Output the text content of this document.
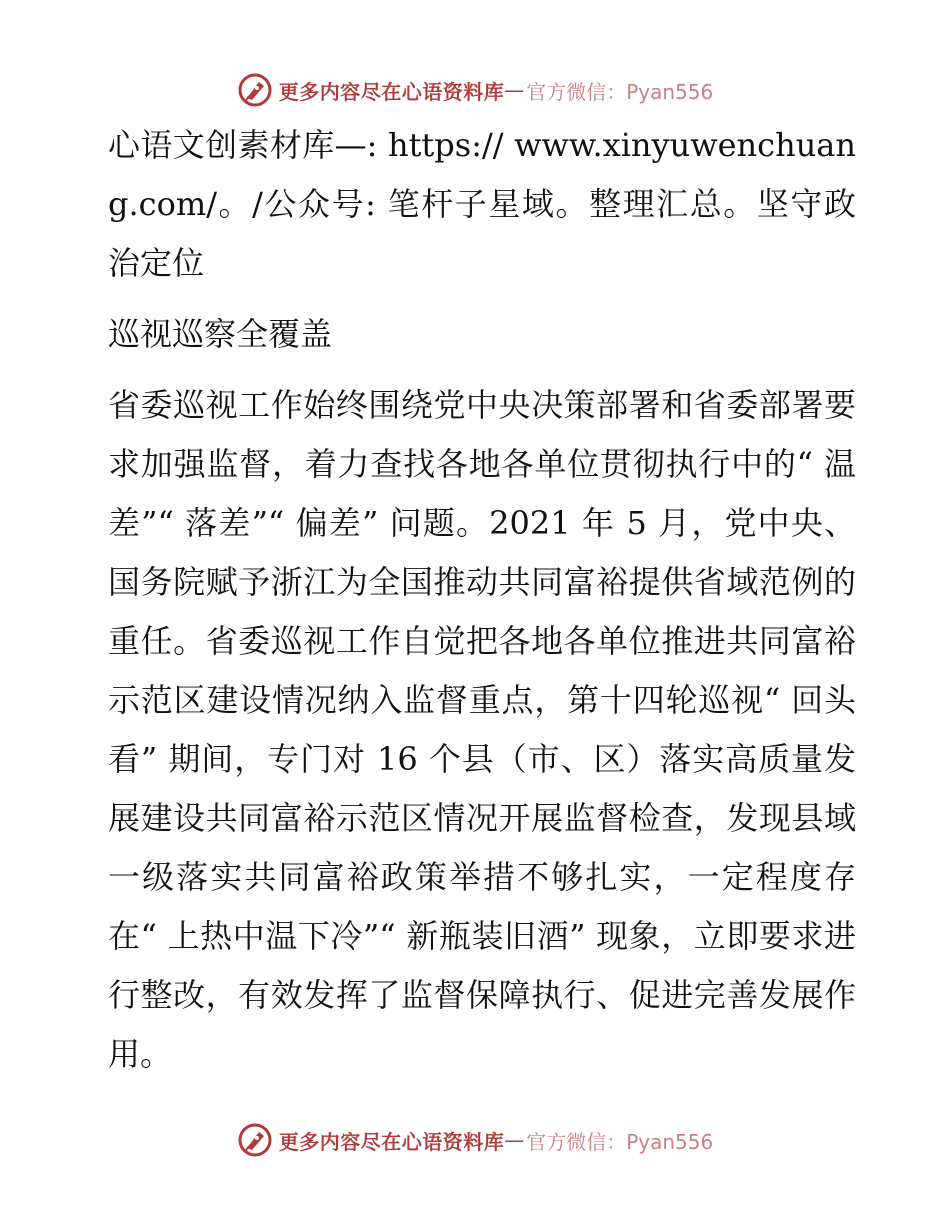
更多内容尽在心语资料库 — 官方微信：Pyan556

心语文创素材库—: https:// www.xinyuwenchuang.com/。/公众号: 笔杆子星域。整理汇总。坚守政治定位

巡视巡察全覆盖

省委巡视工作始终围绕党中央决策部署和省委部署要求加强监督，着力查找各地各单位贯彻执行中的“ 温差”“ 落差”“ 偏差” 问题。2021 年 5 月，党中央、国务院赋予浙江为全国推动共同富裕提供省域范例的重任。省委巡视工作自觉把各地各单位推进共同富裕示范区建设情况纳入监督重点，第十四轮巡视“ 回头看” 期间，专门对 16 个县（市、区）落实高质量发展建设共同富裕示范区情况开展监督检查，发现县域一级落实共同富裕政策举措不够扎实，一定程度存在“ 上热中温下冷”“ 新瓶装旧酒” 现象，立即要求进行整改，有效发挥了监督保障执行、促进完善发展作用。

更多内容尽在心语资料库 — 官方微信：Pyan556
